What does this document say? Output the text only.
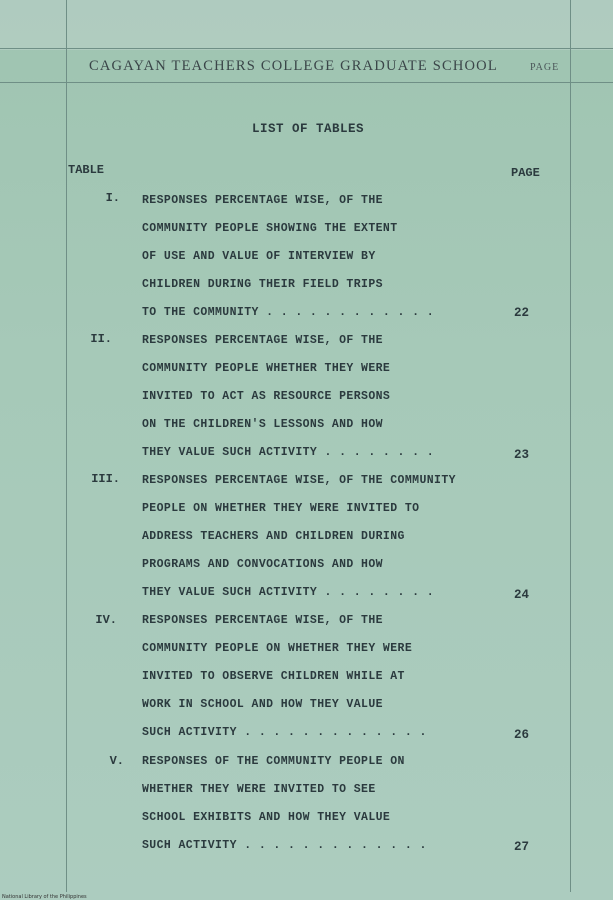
CAGAYAN TEACHERS COLLEGE GRADUATE SCHOOL	PAGE
LIST OF TABLES
TABLE	PAGE
I. RESPONSES PERCENTAGE WISE, OF THE
COMMUNITY PEOPLE SHOWING THE EXTENT
OF USE AND VALUE OF INTERVIEW BY
CHILDREN DURING THEIR FIELD TRIPS
TO THE COMMUNITY . . . . . . . . . . . .	22
II.	RESPONSES PERCENTAGE WISE, OF THE
COMMUNITY PEOPLE WHETHER THEY WERE
INVITED TO ACT AS RESOURCE PERSONS
ON THE CHILDREN'S LESSONS AND HOW
THEY VALUE SUCH ACTIVITY . . . . . . . .	23
III. RESPONSES PERCENTAGE WISE, OF THE COMMUNITY
PEOPLE ON WHETHER THEY WERE INVITED TO
ADDRESS TEACHERS AND CHILDREN DURING
PROGRAMS AND CONVOCATIONS AND HOW
THEY VALUE SUCH ACTIVITY . . . . . . . .	24
IV. RESPONSES PERCENTAGE WISE, OF THE
COMMUNITY PEOPLE ON WHETHER THEY WERE
INVITED TO OBSERVE CHILDREN WHILE AT
WORK IN SCHOOL AND HOW THEY VALUE
SUCH ACTIVITY . . . . . . . . . . . . .	26
V. RESPONSES OF THE COMMUNITY PEOPLE ON
WHETHER THEY WERE INVITED TO SEE
SCHOOL EXHIBITS AND HOW THEY VALUE
SUCH ACTIVITY . . . . . . . . . . . . .	27
National Library of the Philippines
